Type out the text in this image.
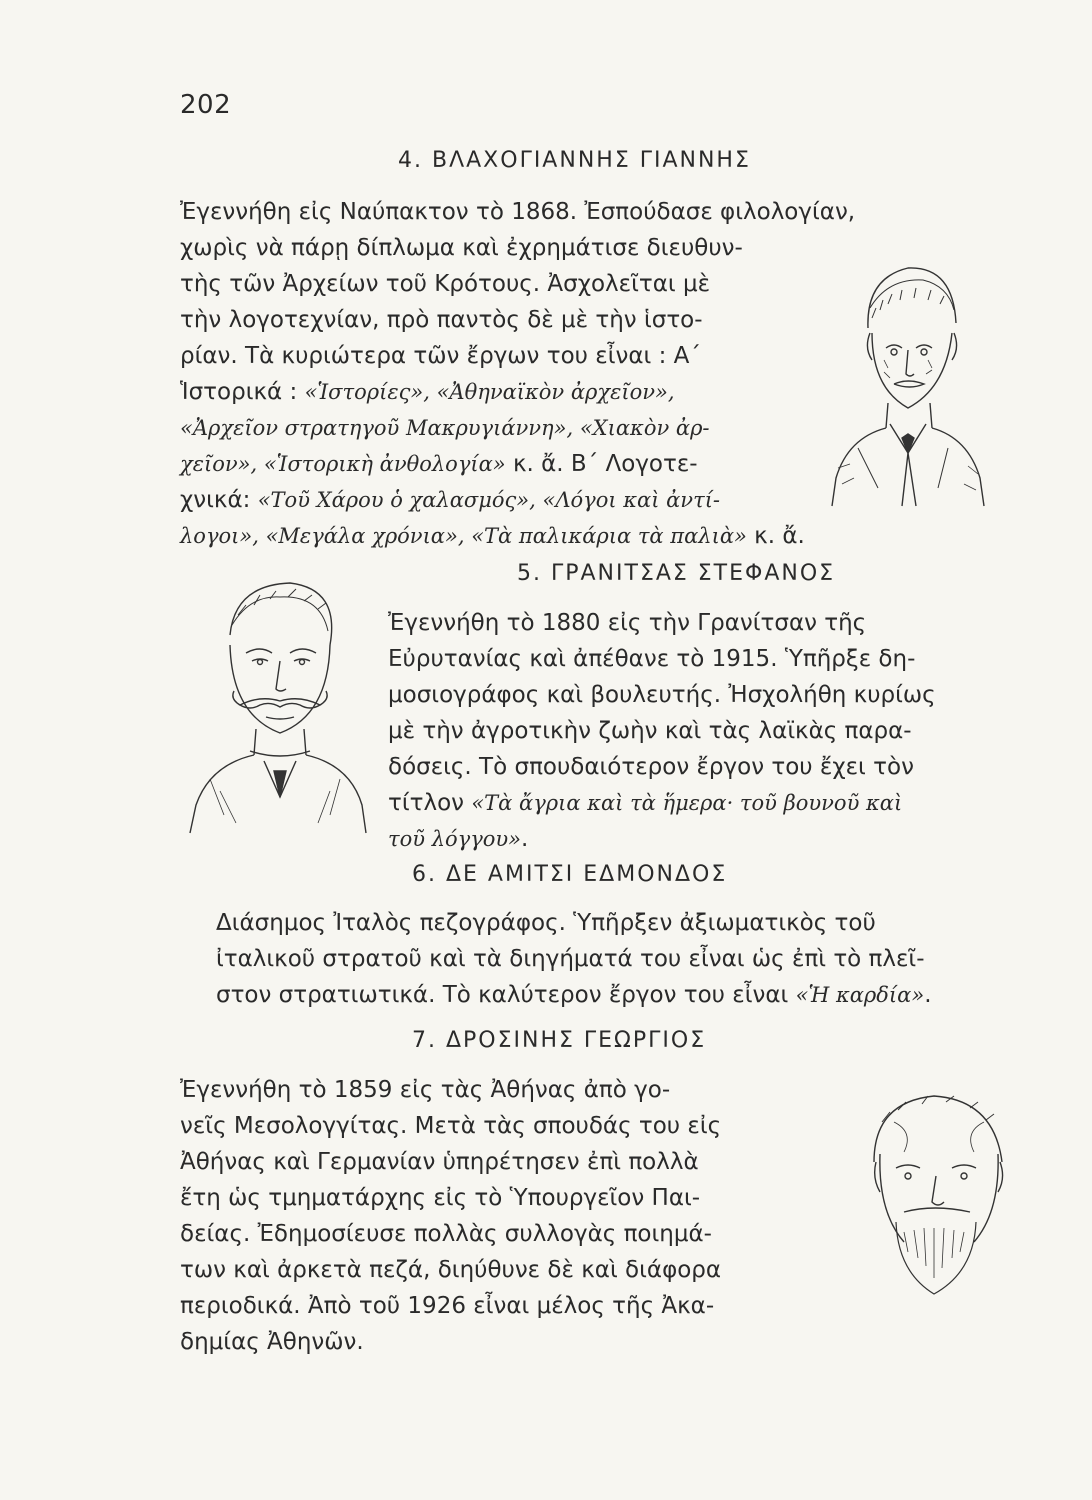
202
4. ΒΛΑΧΟΓΙΑΝΝΗΣ ΓΙΑΝΝΗΣ
Ἐγεννήθη εἰς Ναύπακτον τὸ 1868. Ἐσπούδασε φιλολογίαν,
χωρὶς νὰ πάρῃ δίπλωμα καὶ ἐχρημάτισε διευθυν-
τὴς τῶν Ἀρχείων τοῦ Κρότους. Ἀσχολεῖται μὲ
τὴν λογοτεχνίαν, πρὸ παντὸς δὲ μὲ τὴν ἱστο-
ρίαν. Τὰ κυριώτερα τῶν ἔργων του εἶναι : Α΄
Ἱστορικά : «Ἱστορίες», «Ἀθηναϊκὸν ἀρχεῖον»,
«Ἀρχεῖον στρατηγοῦ Μακρυγιάννη», «Χιακὸν ἀρ-
χεῖον», «Ἱστορικὴ ἀνθολογία» κ. ἄ. Β΄ Λογοτε-
χνικά: «Τοῦ Χάρου ὁ χαλασμός», «Λόγοι καὶ ἀντί-
λογοι», «Μεγάλα χρόνια», «Τὰ παλικάρια τὰ παλιὰ» κ. ἄ.
5. ΓΡΑΝΙΤΣΑΣ ΣΤΕΦΑΝΟΣ
Ἐγεννήθη τὸ 1880 εἰς τὴν Γρανίτσαν τῆς
Εὐρυτανίας καὶ ἀπέθανε τὸ 1915. Ὑπῆρξε δη-
μοσιογράφος καὶ βουλευτής. Ἠσχολήθη κυρίως
μὲ τὴν ἀγροτικὴν ζωὴν καὶ τὰς λαϊκὰς παρα-
δόσεις. Τὸ σπουδαιότερον ἔργον του ἔχει τὸν
τίτλον «Τὰ ἄγρια καὶ τὰ ἥμερα· τοῦ βουνοῦ καὶ
τοῦ λόγγου».
6. ΔΕ ΑΜΙΤΣΙ ΕΔΜΟΝΔΟΣ
Διάσημος Ἰταλὸς πεζογράφος. Ὑπῆρξεν ἀξιωματικὸς τοῦ
ἰταλικοῦ στρατοῦ καὶ τὰ διηγήματά του εἶναι ὡς ἐπὶ τὸ πλεῖ-
στον στρατιωτικά. Τὸ καλύτερον ἔργον του εἶναι «Ἡ καρδία».
7. ΔΡΟΣΙΝΗΣ ΓΕΩΡΓΙΟΣ
Ἐγεννήθη τὸ 1859 εἰς τὰς Ἀθήνας ἀπὸ γο-
νεῖς Μεσολογγίτας. Μετὰ τὰς σπουδάς του εἰς
Ἀθήνας καὶ Γερμανίαν ὑπηρέτησεν ἐπὶ πολλὰ
ἔτη ὡς τμηματάρχης εἰς τὸ Ὑπουργεῖον Παι-
δείας. Ἐδημοσίευσε πολλὰς συλλογὰς ποιημά-
των καὶ ἀρκετὰ πεζά, διηύθυνε δὲ καὶ διάφορα
περιοδικά. Ἀπὸ τοῦ 1926 εἶναι μέλος τῆς Ἀκα-
δημίας Ἀθηνῶν.
